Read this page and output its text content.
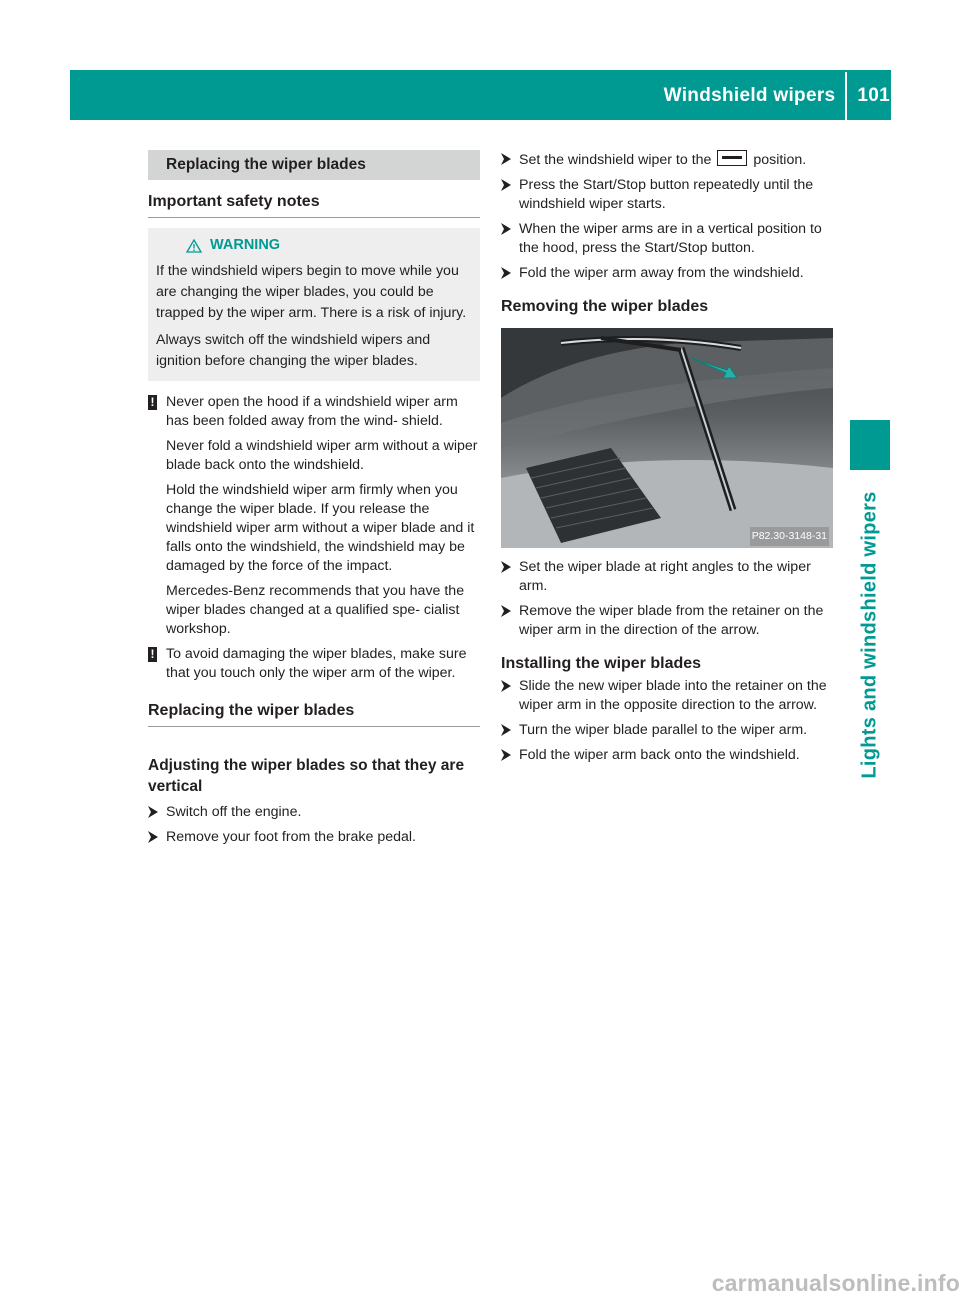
Windshield wipers 101
Lights and windshield wipers
Replacing the wiper blades
Important safety notes
WARNING

If the windshield wipers begin to move while you are changing the wiper blades, you could be trapped by the wiper arm. There is a risk of injury.

Always switch off the windshield wipers and ignition before changing the wiper blades.

! Never open the hood if a windshield wiper arm has been folded away from the wind- shield.

Never fold a windshield wiper arm without a wiper blade back onto the windshield.

Hold the windshield wiper arm firmly when you change the wiper blade. If you release the windshield wiper arm without a wiper blade and it falls onto the windshield, the windshield may be damaged by the force of the impact.

Mercedes-Benz recommends that you have the wiper blades changed at a qualified spe- cialist workshop.

! To avoid damaging the wiper blades, make sure that you touch only the wiper arm of the wiper.

Replacing the wiper blades
Adjusting the wiper blades so that they are vertical
Switch off the engine.
Remove your foot from the brake pedal.
Set the windshield wiper to the	position.
Press the Start/Stop button repeatedly until the windshield wiper starts.
When the wiper arms are in a vertical position to the hood, press the Start/Stop button.
Fold the wiper arm away from the windshield.
Removing the wiper blades
P82.30-3148-31
Set the wiper blade at right angles to the wiper arm.
Remove the wiper blade from the retainer on the wiper arm in the direction of the arrow.
Installing the wiper blades
Slide the new wiper blade into the retainer on the wiper arm in the opposite direction to the arrow.
Turn the wiper blade parallel to the wiper arm.
Fold the wiper arm back onto the windshield.
carmanualsonline.info
